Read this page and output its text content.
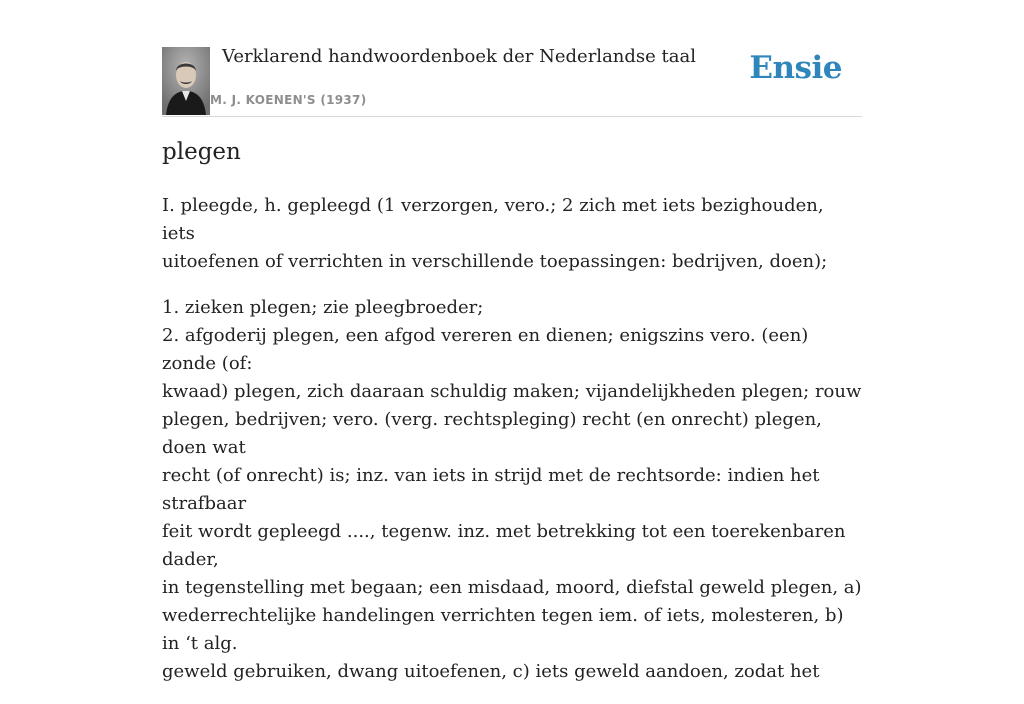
Verklarend handwoordenboek der Nederlandse taal
M. J. KOENEN'S (1937)
Ensie
plegen

I. pleegde, h. gepleegd (1 verzorgen, vero.; 2 zich met iets bezighouden, iets
uitoefenen of verrichten in verschillende toepassingen: bedrijven, doen);

1. zieken plegen; zie pleegbroeder;
2. afgoderij plegen, een afgod vereren en dienen; enigszins vero. (een) zonde (of:
kwaad) plegen, zich daaraan schuldig maken; vijandelijkheden plegen; rouw
plegen, bedrijven; vero. (verg. rechtspleging) recht (en onrecht) plegen, doen wat
recht (of onrecht) is; inz. van iets in strijd met de rechtsorde: indien het strafbaar
feit wordt gepleegd ...., tegenw. inz. met betrekking tot een toerekenbaren dader,
in tegenstelling met begaan; een misdaad, moord, diefstal geweld plegen, a)
wederrechtelijke handelingen verrichten tegen iem. of iets, molesteren, b) in ‘t alg.
geweld gebruiken, dwang uitoefenen, c) iets geweld aandoen, zodat het
